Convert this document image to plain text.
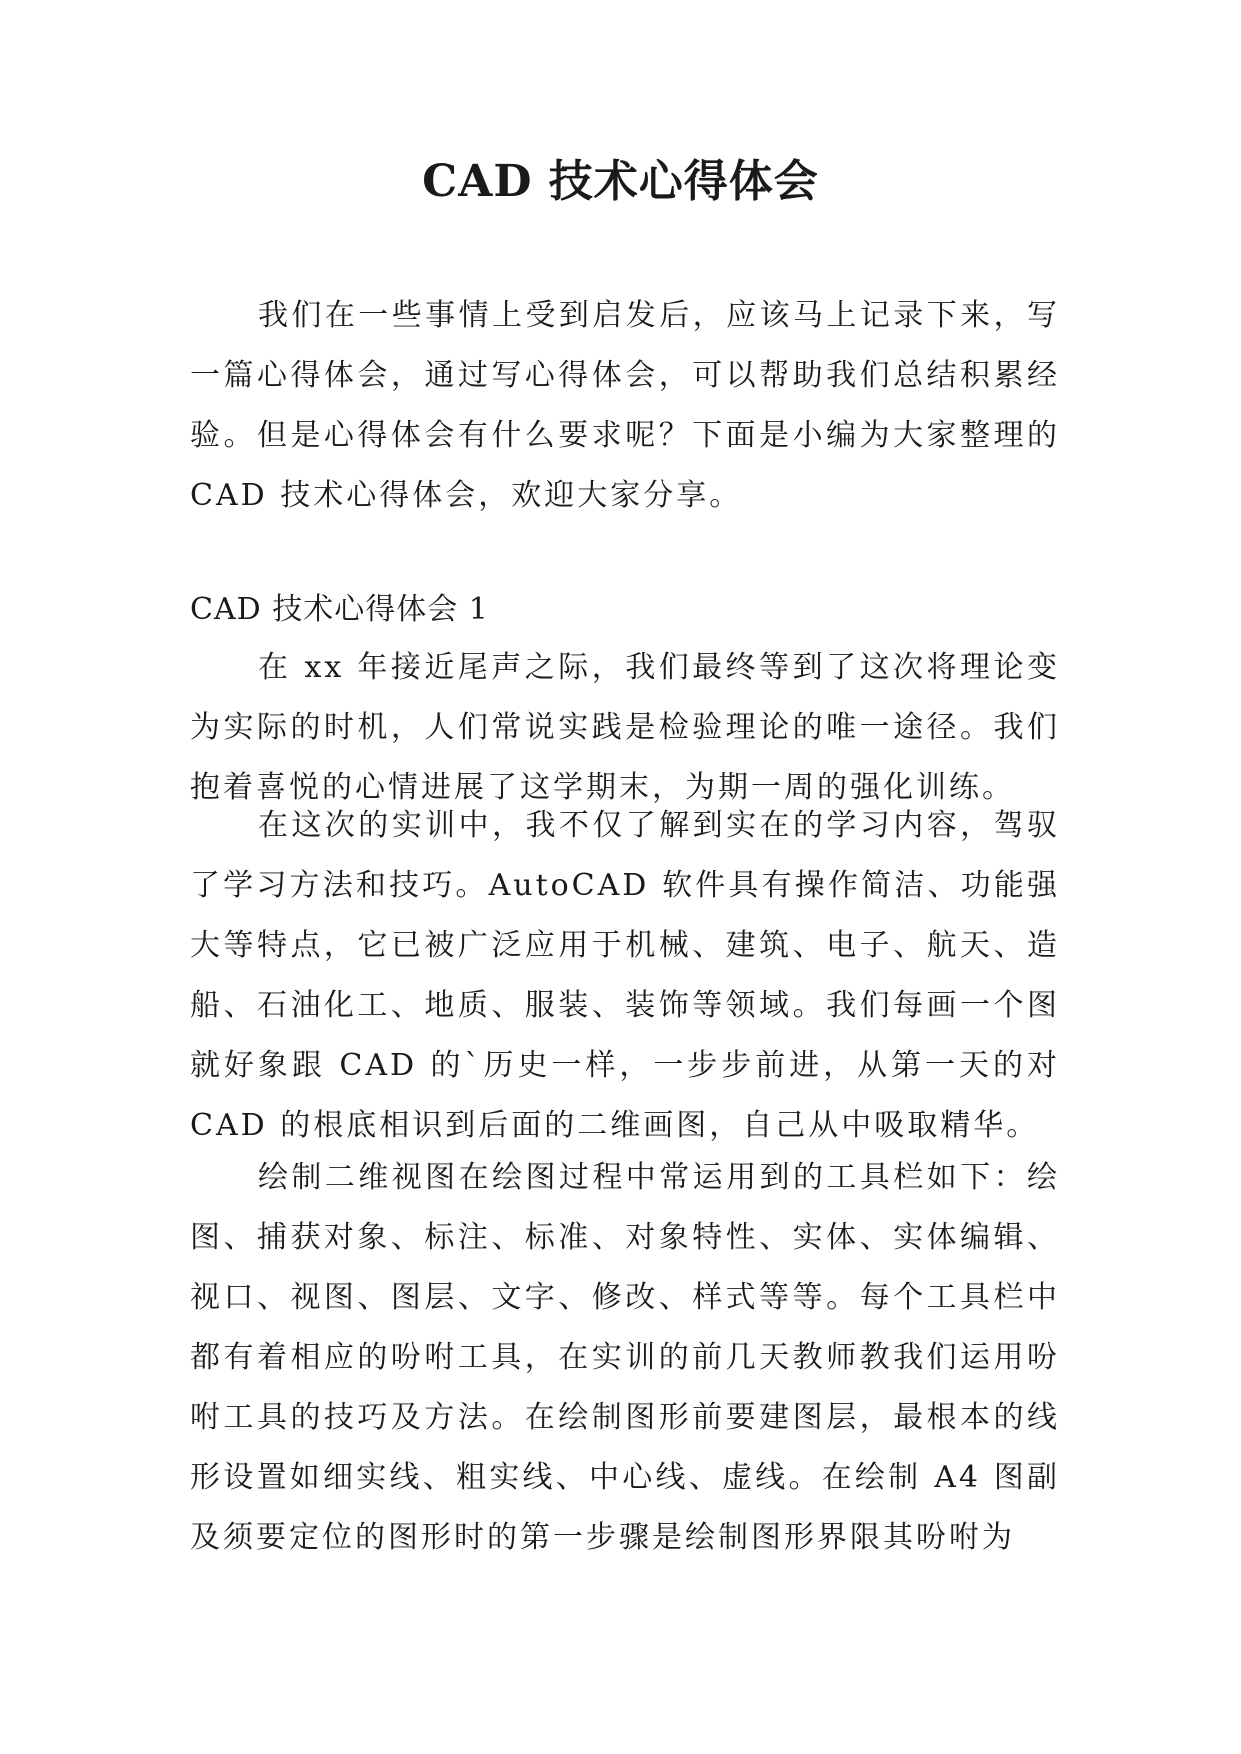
CAD 技术心得体会

我们在一些事情上受到启发后，应该马上记录下来，写一篇心得体会，通过写心得体会，可以帮助我们总结积累经验。但是心得体会有什么要求呢？下面是小编为大家整理的 CAD 技术心得体会，欢迎大家分享。

CAD 技术心得体会 1

在 xx 年接近尾声之际，我们最终等到了这次将理论变为实际的时机，人们常说实践是检验理论的唯一途径。我们抱着喜悦的心情进展了这学期末，为期一周的强化训练。

在这次的实训中，我不仅了解到实在的学习内容，驾驭了学习方法和技巧。AutoCAD 软件具有操作简洁、功能强大等特点，它已被广泛应用于机械、建筑、电子、航天、造船、石油化工、地质、服装、装饰等领域。我们每画一个图就好象跟 CAD 的`历史一样，一步步前进，从第一天的对 CAD 的根底相识到后面的二维画图，自己从中吸取精华。

绘制二维视图在绘图过程中常运用到的工具栏如下：绘图、捕获对象、标注、标准、对象特性、实体、实体编辑、视口、视图、图层、文字、修改、样式等等。每个工具栏中都有着相应的吩咐工具，在实训的前几天教师教我们运用吩咐工具的技巧及方法。在绘制图形前要建图层，最根本的线形设置如细实线、粗实线、中心线、虚线。在绘制 A4 图副及须要定位的图形时的第一步骤是绘制图形界限其吩咐为
